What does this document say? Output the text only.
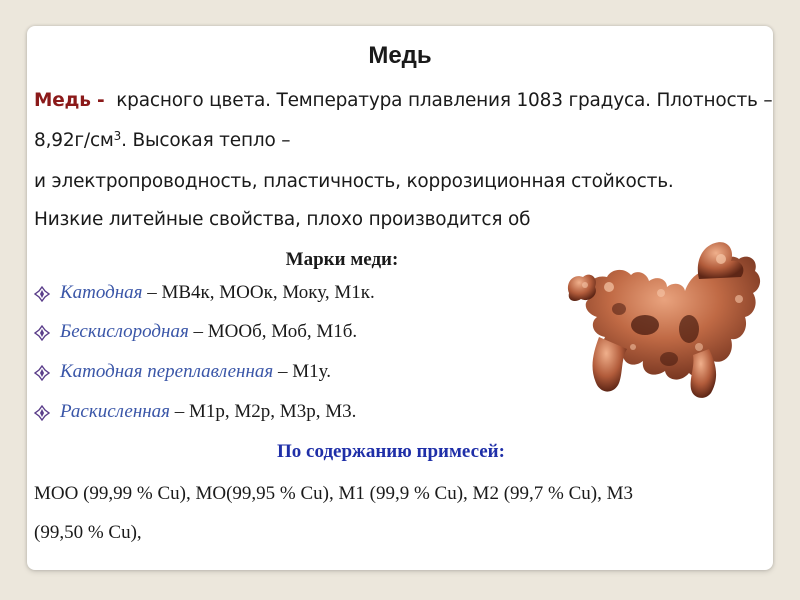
Медь
Медь - красного цвета. Температура плавления 1083 градуса. Плотность –
$8,92г/см^3$. Высокая тепло –
и электропроводность, пластичность, коррозиционная стойкость.
Низкие литейные свойства, плохо производится об
Марки меди:
Катодная – МВ4к, МООк, Моку, М1к.
Бескислородная – МООб, Моб, М1б.
Катодная переплавленная – М1у.
Раскисленная – М1р, М2р, М3р, М3.
По содержанию примесей:
МОО (99,99 % Cu), МО(99,95 % Cu), М1 (99,9 % Cu), М2 (99,7 % Cu), М3
(99,50 % Cu),
